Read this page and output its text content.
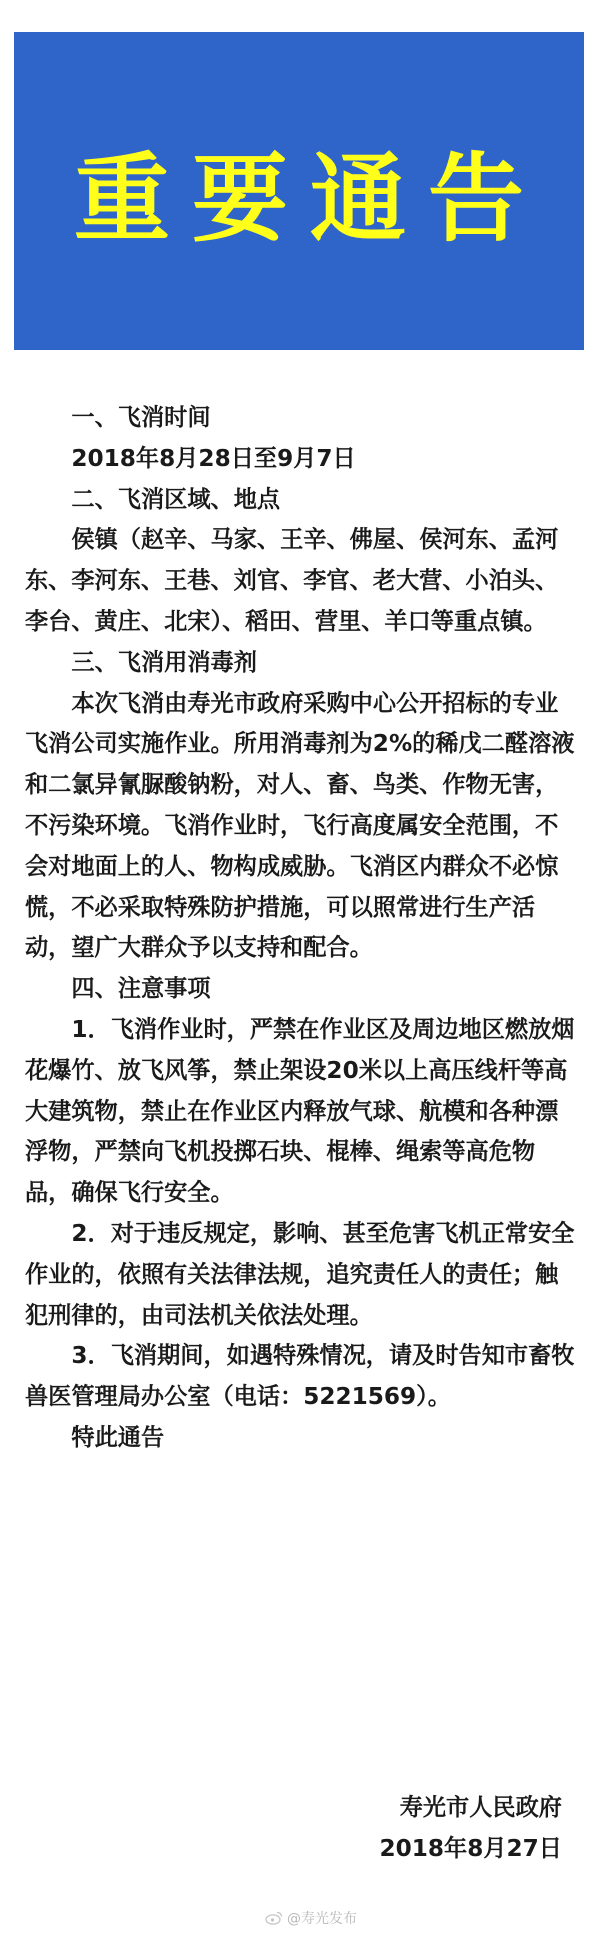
重要通告

一、飞消时间

2018年8月28日至9月7日

二、飞消区域、地点

侯镇（赵辛、马家、王辛、佛屋、侯河东、孟河东、李河东、王巷、刘官、李官、老大营、小泊头、李台、黄庄、北宋）、稻田、营里、羊口等重点镇。

三、飞消用消毒剂

本次飞消由寿光市政府采购中心公开招标的专业飞消公司实施作业。所用消毒剂为2%的稀戊二醛溶液和二氯异氰脲酸钠粉，对人、畜、鸟类、作物无害，不污染环境。飞消作业时，飞行高度属安全范围，不会对地面上的人、物构成威胁。飞消区内群众不必惊慌，不必采取特殊防护措施，可以照常进行生产活动，望广大群众予以支持和配合。

四、注意事项

1．飞消作业时，严禁在作业区及周边地区燃放烟花爆竹、放飞风筝，禁止架设20米以上高压线杆等高大建筑物，禁止在作业区内释放气球、航模和各种漂浮物，严禁向飞机投掷石块、棍棒、绳索等高危物品，确保飞行安全。

2．对于违反规定，影响、甚至危害飞机正常安全作业的，依照有关法律法规，追究责任人的责任；触犯刑律的，由司法机关依法处理。

3．飞消期间，如遇特殊情况，请及时告知市畜牧兽医管理局办公室（电话：5221569）。

特此通告

寿光市人民政府
2018年8月27日
@寿光发布
